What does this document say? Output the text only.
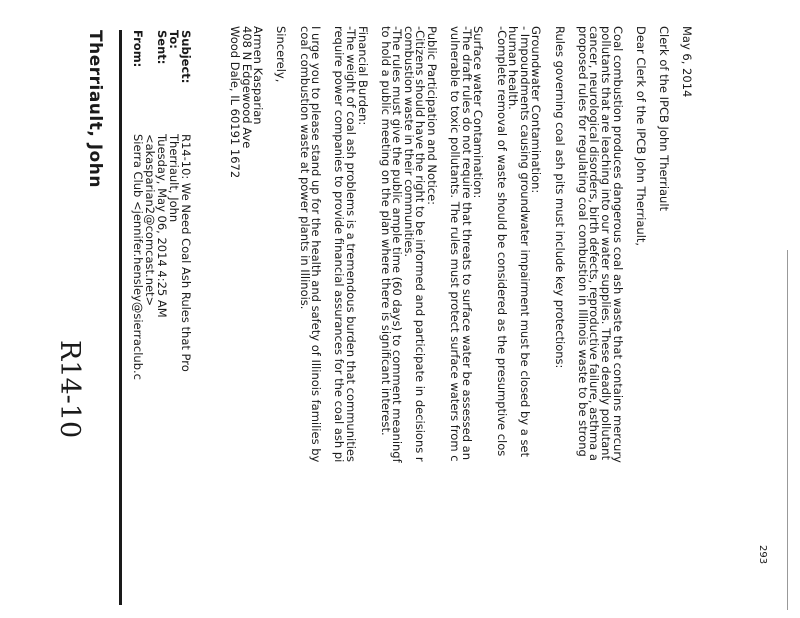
Therriault, John
R14-10
From:
Sierra Club <jennifer.hensley@sierraclub.c
<akasparian2@comcast.net>
Sent:
Tuesday, May 06, 2014 4:25 AM
To:
Therriault, John
Subject:
R14-10: We Need Coal Ash Rules that Pro
May 6, 2014
Clerk of the IPCB John Therriault
Dear Clerk of the IPCB John Therriault,
Coal combustion produces dangerous coal ash waste that contains mercury
pollutants that are leaching into our water supplies. These deadly pollutant
cancer, neurological disorders, birth defects, reproductive failure, asthma a
proposed rules for regulating coal combustion in Illinois waste to be strong
Rules governing coal ash pits must include key protections:
Groundwater Contamination:
- Impoundments causing groundwater impairment must be closed by a set
human health.
-Complete removal of waste should be considered as the presumptive clos
Surface water Contamination:
-The draft rules do not require that threats to surface water be assessed an
vulnerable to toxic pollutants. The rules must protect surface waters from c
Public Participation and Notice:
-Citizens should have the right to be informed and participate in decisions r
combustion waste in their communities.
-The rules must give the public ample time (60 days) to comment meaningf
to hold a public meeting on the plan where there is significant interest.
Financial Burden:
-The weight of coal ash problems is a tremendous burden that communities
require power companies to provide financial assurances for the coal ash pi
I urge you to please stand up for the health and safety of Illinois families by
coal combustion waste at power plants in Illinois.
Sincerely,
Armen Kasparian
408 N Edgewood Ave
Wood Dale, IL 60191 1672
293
